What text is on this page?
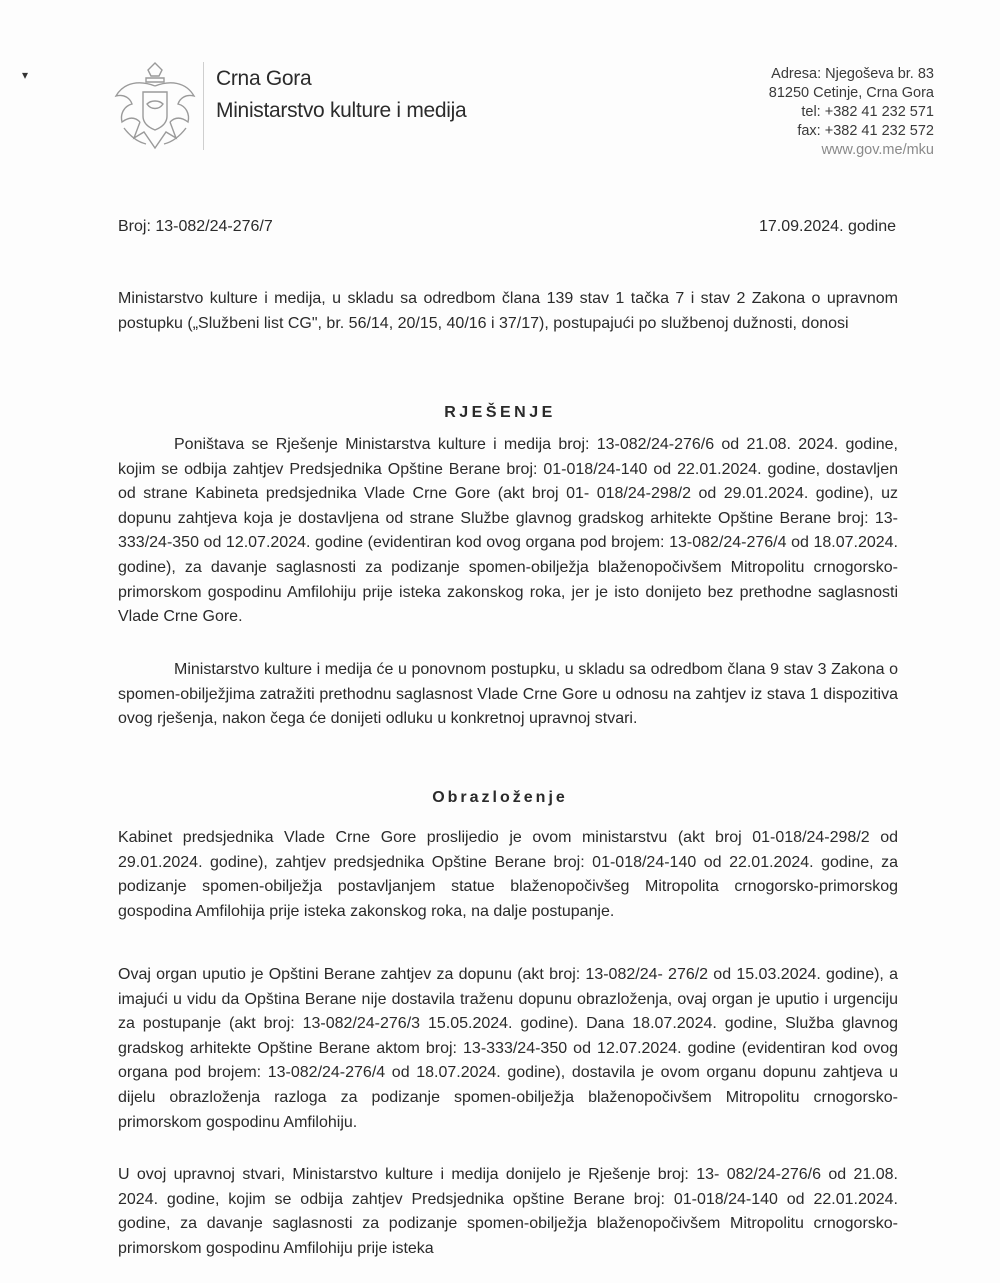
▾	Crna Gora
Ministarstvo kulture i medija
Adresa: Njegoševa br. 83
81250 Cetinje, Crna Gora
tel: +382 41 232 571
fax: +382 41 232 572
www.gov.me/mku
Broj: 13-082/24-276/7	17.09.2024. godine
Ministarstvo kulture i medija, u skladu sa odredbom člana 139 stav 1 tačka 7 i stav 2 Zakona o upravnom postupku („Službeni list CG", br. 56/14, 20/15, 40/16 i 37/17), postupajući po službenoj dužnosti, donosi
RJEŠENJE
Poništava se Rješenje Ministarstva kulture i medija broj: 13-082/24-276/6 od 21.08. 2024. godine, kojim se odbija zahtjev Predsjednika Opštine Berane broj: 01-018/24-140 od 22.01.2024. godine, dostavljen od strane Kabineta predsjednika Vlade Crne Gore (akt broj 01- 018/24-298/2 od 29.01.2024. godine), uz dopunu zahtjeva koja je dostavljena od strane Službe glavnog gradskog arhitekte Opštine Berane broj: 13-333/24-350 od 12.07.2024. godine (evidentiran kod ovog organa pod brojem: 13-082/24-276/4 od 18.07.2024. godine), za davanje saglasnosti za podizanje spomen-obilježja blaženopočivšem Mitropolitu crnogorsko-primorskom gospodinu Amfilohiju prije isteka zakonskog roka, jer je isto donijeto bez prethodne saglasnosti Vlade Crne Gore.
Ministarstvo kulture i medija će u ponovnom postupku, u skladu sa odredbom člana 9 stav 3 Zakona o spomen-obilježjima zatražiti prethodnu saglasnost Vlade Crne Gore u odnosu na zahtjev iz stava 1 dispozitiva ovog rješenja, nakon čega će donijeti odluku u konkretnoj upravnoj stvari.
Obrazloženje
Kabinet predsjednika Vlade Crne Gore proslijedio je ovom ministarstvu (akt broj 01-018/24-298/2 od 29.01.2024. godine), zahtjev predsjednika Opštine Berane broj: 01-018/24-140 od 22.01.2024. godine, za podizanje spomen-obilježja postavljanjem statue blaženopočivšeg Mitropolita crnogorsko-primorskog gospodina Amfilohija prije isteka zakonskog roka, na dalje postupanje.
Ovaj organ uputio je Opštini Berane zahtjev za dopunu (akt broj: 13-082/24- 276/2 od 15.03.2024. godine), a imajući u vidu da Opština Berane nije dostavila traženu dopunu obrazloženja, ovaj organ je uputio i urgenciju za postupanje (akt broj: 13-082/24-276/3 15.05.2024. godine). Dana 18.07.2024. godine, Služba glavnog gradskog arhitekte Opštine Berane aktom broj: 13-333/24-350 od 12.07.2024. godine (evidentiran kod ovog organa pod brojem: 13-082/24-276/4 od 18.07.2024. godine), dostavila je ovom organu dopunu zahtjeva u dijelu obrazloženja razloga za podizanje spomen-obilježja blaženopočivšem Mitropolitu crnogorsko-primorskom gospodinu Amfilohiju.
U ovoj upravnoj stvari, Ministarstvo kulture i medija donijelo je Rješenje broj: 13- 082/24-276/6 od 21.08. 2024. godine, kojim se odbija zahtjev Predsjednika opštine Berane broj: 01-018/24-140 od 22.01.2024. godine, za davanje saglasnosti za podizanje spomen-obilježja blaženopočivšem Mitropolitu crnogorsko-primorskom gospodinu Amfilohiju prije isteka
